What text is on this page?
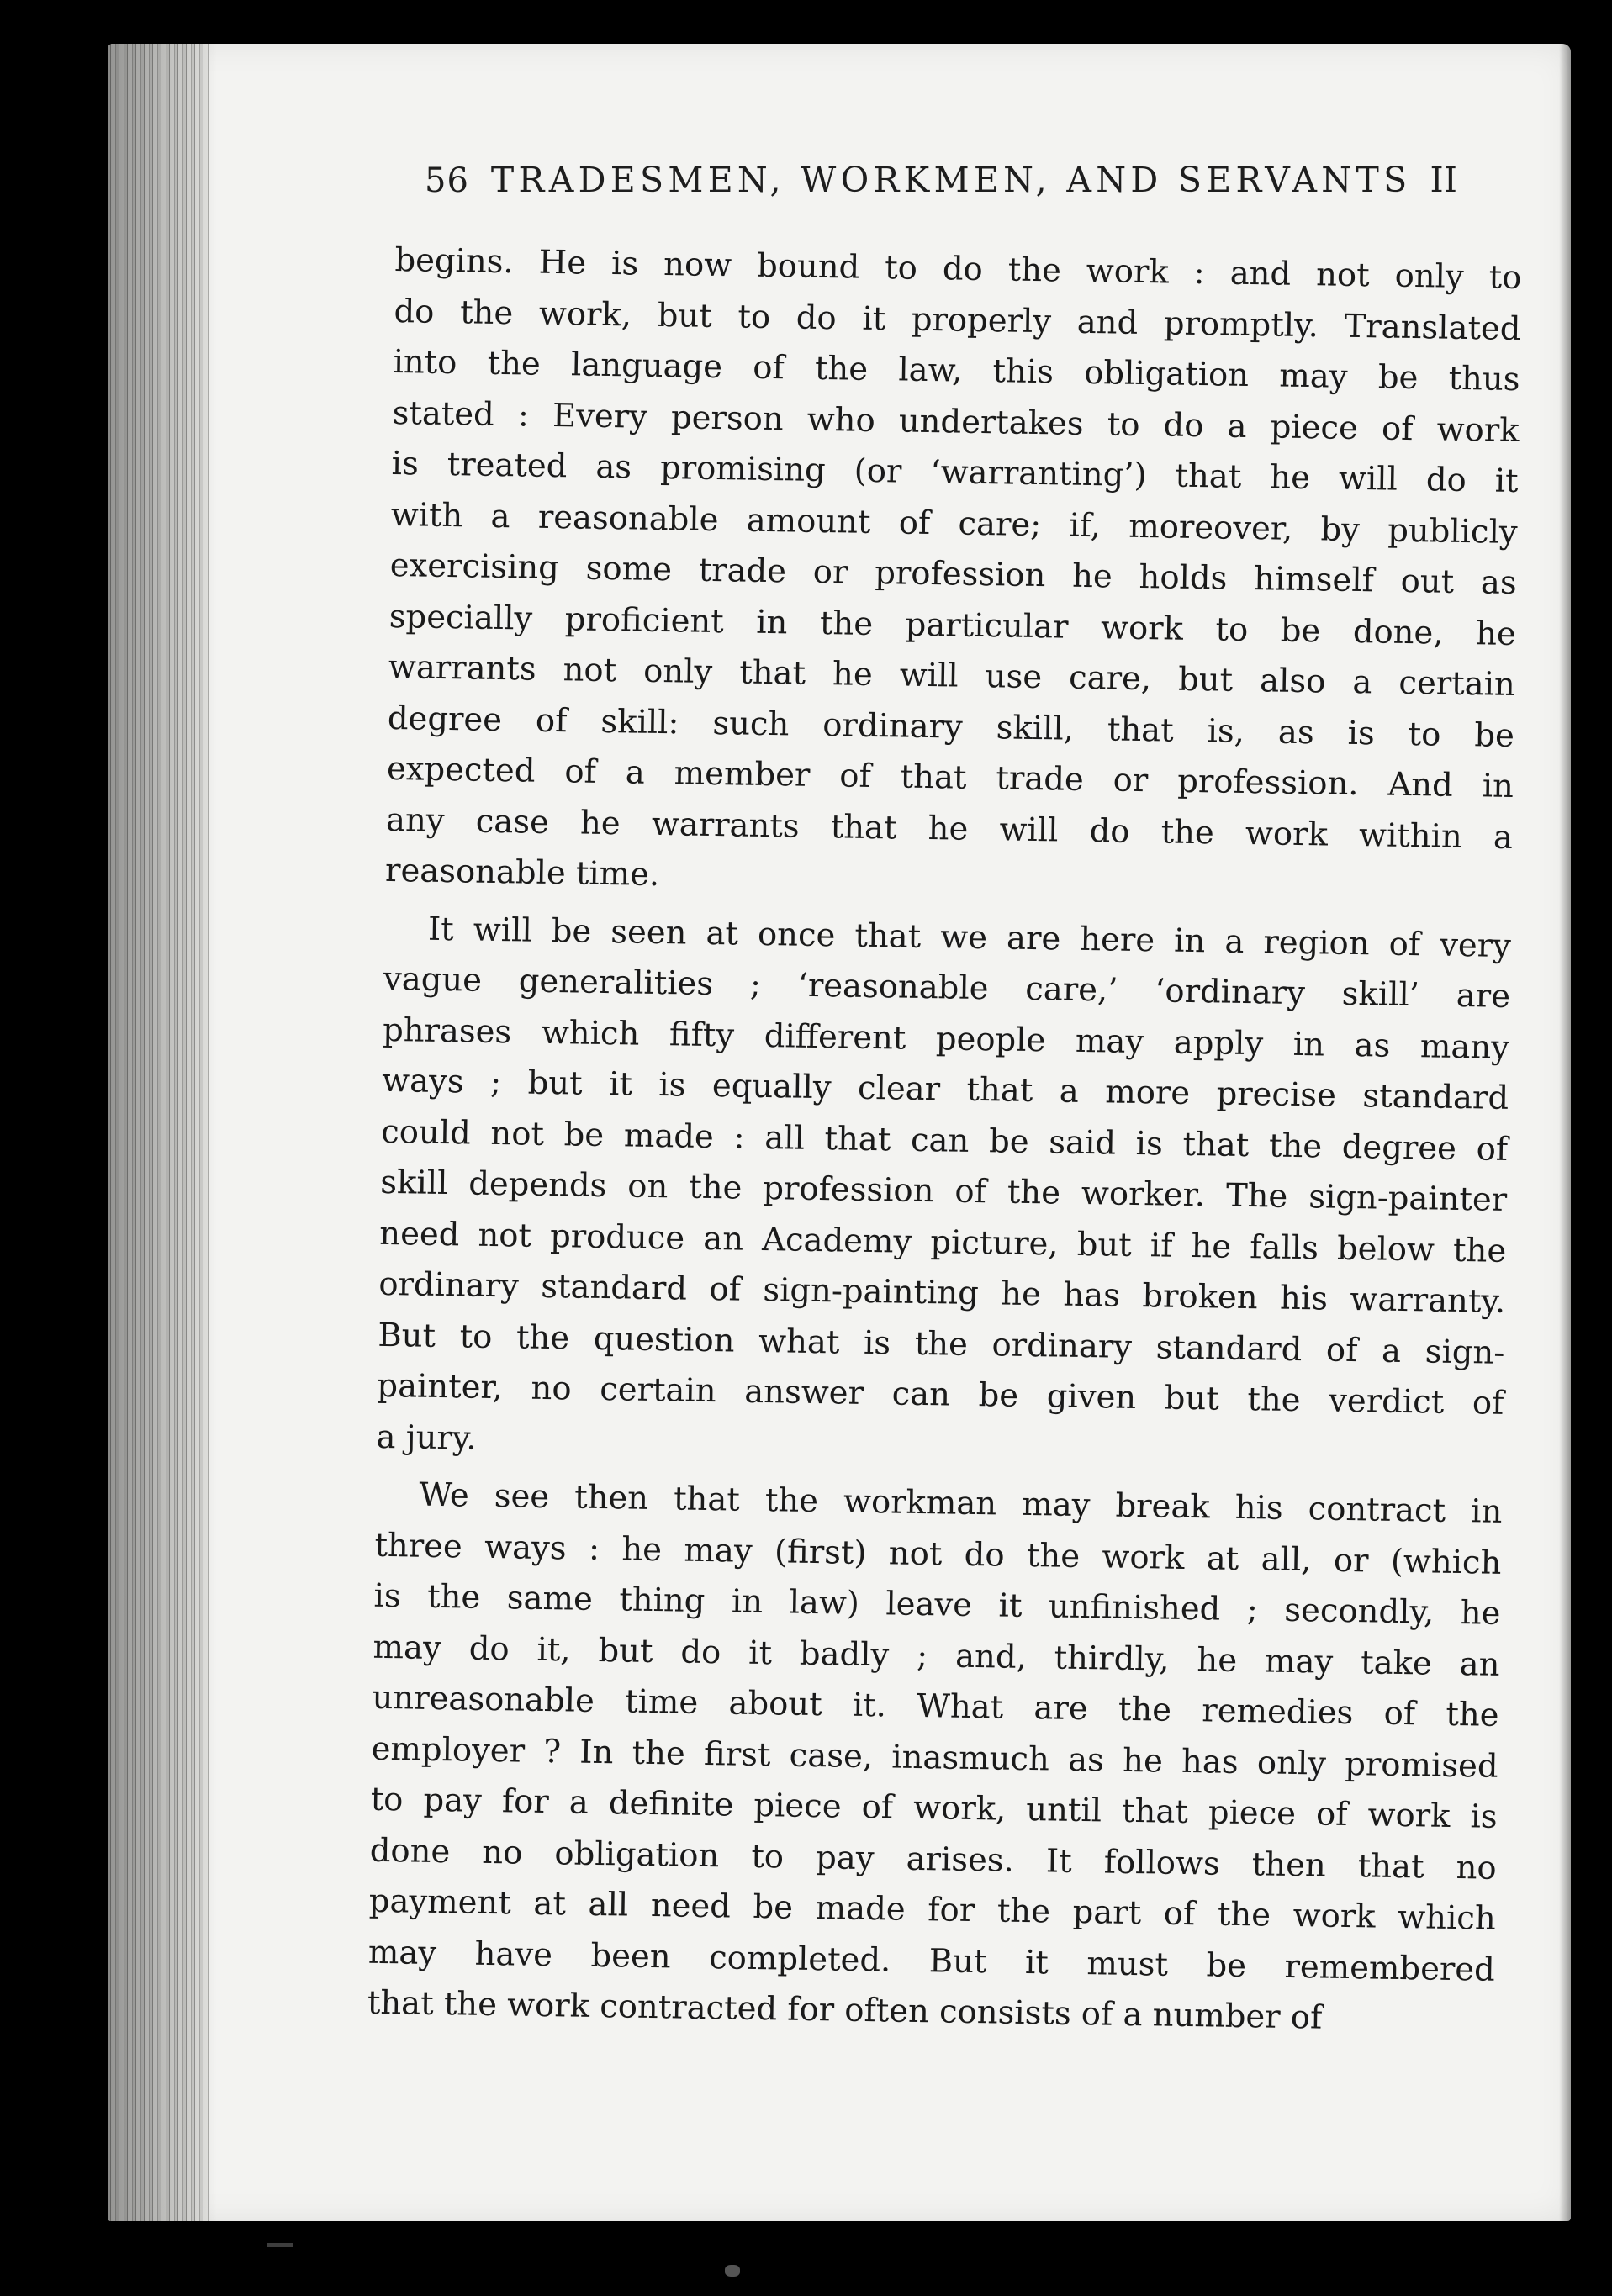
56 TRADESMEN, WORKMEN, AND SERVANTS II
begins. He is now bound to do the work : and not only to
do the work, but to do it properly and promptly. Translated
into the language of the law, this obligation may be thus
stated : Every person who undertakes to do a piece of work
is treated as promising (or ‘warranting’) that he will do it
with a reasonable amount of care; if, moreover, by publicly
exercising some trade or profession he holds himself out as
specially proficient in the particular work to be done, he
warrants not only that he will use care, but also a certain
degree of skill: such ordinary skill, that is, as is to be
expected of a member of that trade or profession. And in
any case he warrants that he will do the work within a
reasonable time.
It will be seen at once that we are here in a region of very
vague generalities ; ‘reasonable care,’ ‘ordinary skill’ are
phrases which fifty different people may apply in as many
ways ; but it is equally clear that a more precise standard
could not be made : all that can be said is that the degree of
skill depends on the profession of the worker. The sign-painter
need not produce an Academy picture, but if he falls below the
ordinary standard of sign-painting he has broken his warranty.
But to the question what is the ordinary standard of a sign-
painter, no certain answer can be given but the verdict of
a jury.
We see then that the workman may break his contract in
three ways : he may (first) not do the work at all, or (which
is the same thing in law) leave it unfinished ; secondly, he
may do it, but do it badly ; and, thirdly, he may take an
unreasonable time about it. What are the remedies of the
employer ? In the first case, inasmuch as he has only promised
to pay for a definite piece of work, until that piece of work is
done no obligation to pay arises. It follows then that no
payment at all need be made for the part of the work which
may have been completed. But it must be remembered
that the work contracted for often consists of a number of
